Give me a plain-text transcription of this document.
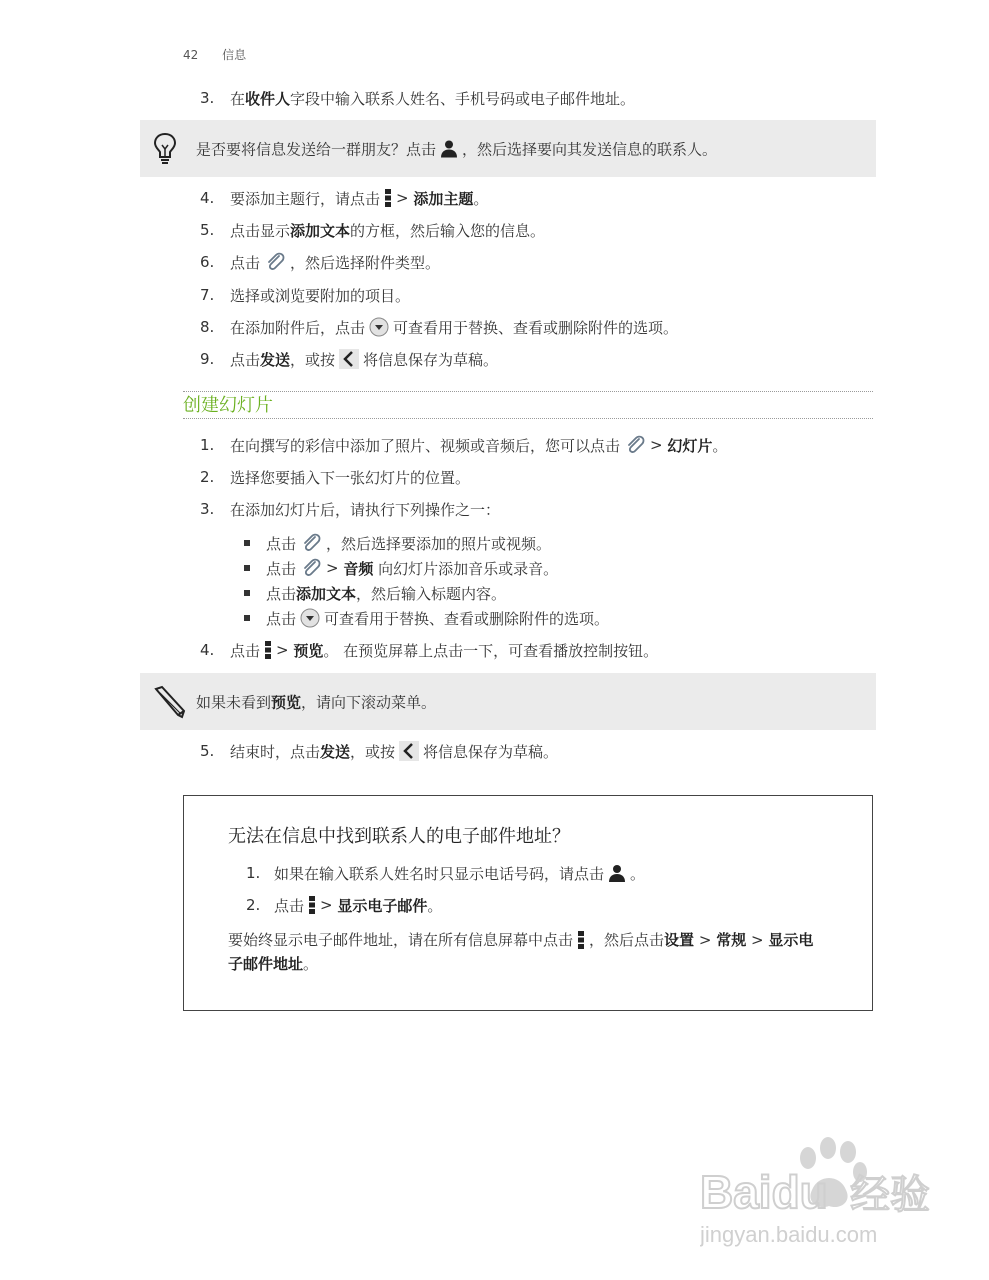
42 信息
3.	在 收件人 字段中输入联系人姓名、手机号码或电子邮件地址。
是否要将信息发送给一群朋友？点击 ，然后选择要向其发送信息的联系人。
4.	要添加主题行，请点击 >
添加主题 。
5.	点击显示 添加文本 的方框，然后输入您的信息。
6.	点击 ，然后选择附件类型。
7.	选择或浏览要附加的项目。
8.	在添加附件后，点击 可查看用于替换、查看或删除附件的选项。
9.	点击 发送 ，或按 将信息保存为草稿。
创建幻灯片
1.	在向撰写的彩信中添加了照片、视频或音频后，您可以点击 >
幻灯片 。
2.	选择您要插入下一张幻灯片的位置。
3.	在添加幻灯片后，请执行下列操作之一：
点击 ，然后选择要添加的照片或视频。
点击 >
音频
向幻灯片添加音乐或录音。
点击 添加文本 ，然后输入标题内容。
点击 可查看用于替换、查看或删除附件的选项。
4.	点击 >
预览 。 在预览屏幕上点击一下，可查看播放控制按钮。
如果未看到 预览 ，请向下滚动菜单。
5.	结束时，点击 发送 ，或按 将信息保存为草稿。
无法在信息中找到联系人的电子邮件地址？
1. 如果在输入联系人姓名时只显示电话号码，请点击 。
2. 点击 >
显示电子邮件 。
要始终显示电子邮件地址，请在所有信息屏幕中点击 ，然后点击 设置
>
常规
>
显示电
子邮件地址 。
Baidu 经验
jingyan.baidu.com
